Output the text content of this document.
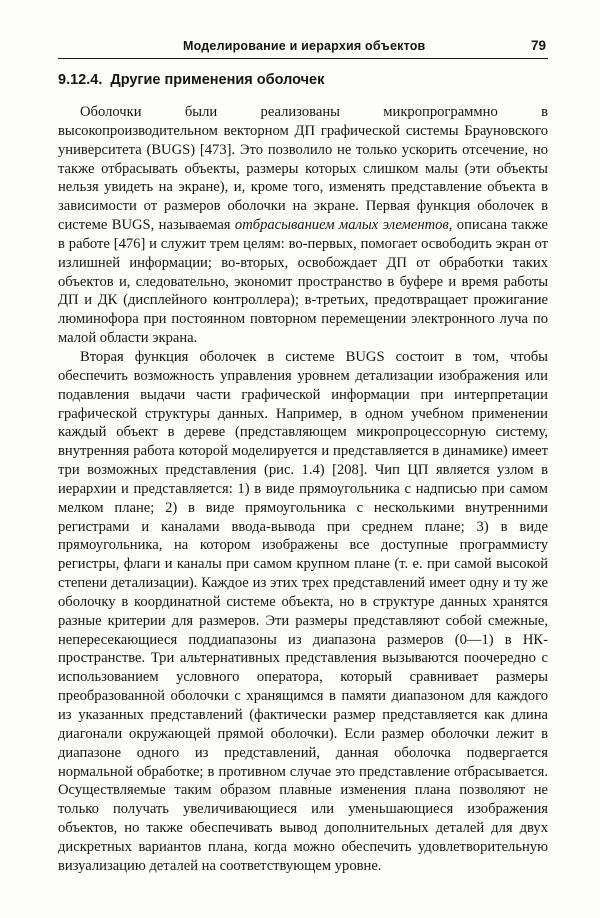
Моделирование и иерархия объектов	79
9.12.4. Другие применения оболочек

Оболочки были реализованы микропрограммно в высокопроизводительном векторном ДП графической системы Брауновского университета (BUGS) [473]. Это позволило не только ускорить отсечение, но также отбрасывать объекты, размеры которых слишком малы (эти объекты нельзя увидеть на экране), и, кроме того, изменять представление объекта в зависимости от размеров оболочки на экране. Первая функция оболочек в системе BUGS, называемая отбрасыванием малых элементов, описана также в работе [476] и служит трем целям: во-первых, помогает освободить экран от излишней информации; во-вторых, освобождает ДП от обработки таких объектов и, следовательно, экономит пространство в буфере и время работы ДП и ДК (дисплейного контроллера); в-третьих, предотвращает прожигание люминофора при постоянном повторном перемещении электронного луча по малой области экрана.

Вторая функция оболочек в системе BUGS состоит в том, чтобы обеспечить возможность управления уровнем детализации изображения или подавления выдачи части графической информации при интерпретации графической структуры данных. Например, в одном учебном применении каждый объект в дереве (представляющем микропроцессорную систему, внутренняя работа которой моделируется и представляется в динамике) имеет три возможных представления (рис. 1.4) [208]. Чип ЦП является узлом в иерархии и представляется: 1) в виде прямоугольника с надписью при самом мелком плане; 2) в виде прямоугольника с несколькими внутренними регистрами и каналами ввода-вывода при среднем плане; 3) в виде прямоугольника, на котором изображены все доступные программисту регистры, флаги и каналы при самом крупном плане (т. е. при самой высокой степени детализации). Каждое из этих трех представлений имеет одну и ту же оболочку в координатной системе объекта, но в структуре данных хранятся разные критерии для размеров. Эти размеры представляют собой смежные, непересекающиеся поддиапазоны из диапазона размеров (0—1) в НК-пространстве. Три альтернативных представления вызываются поочередно с использованием условного оператора, который сравнивает размеры преобразованной оболочки с хранящимся в памяти диапазоном для каждого из указанных представлений (фактически размер представляется как длина диагонали окружающей прямой оболочки). Если размер оболочки лежит в диапазоне одного из представлений, данная оболочка подвергается нормальной обработке; в противном случае это представление отбрасывается. Осуществляемые таким образом плавные изменения плана позволяют не только получать увеличивающиеся или уменьшающиеся изображения объектов, но также обеспечивать вывод дополнительных деталей для двух дискретных вариантов плана, когда можно обеспечить удовлетворительную визуализацию деталей на соответствующем уровне.
